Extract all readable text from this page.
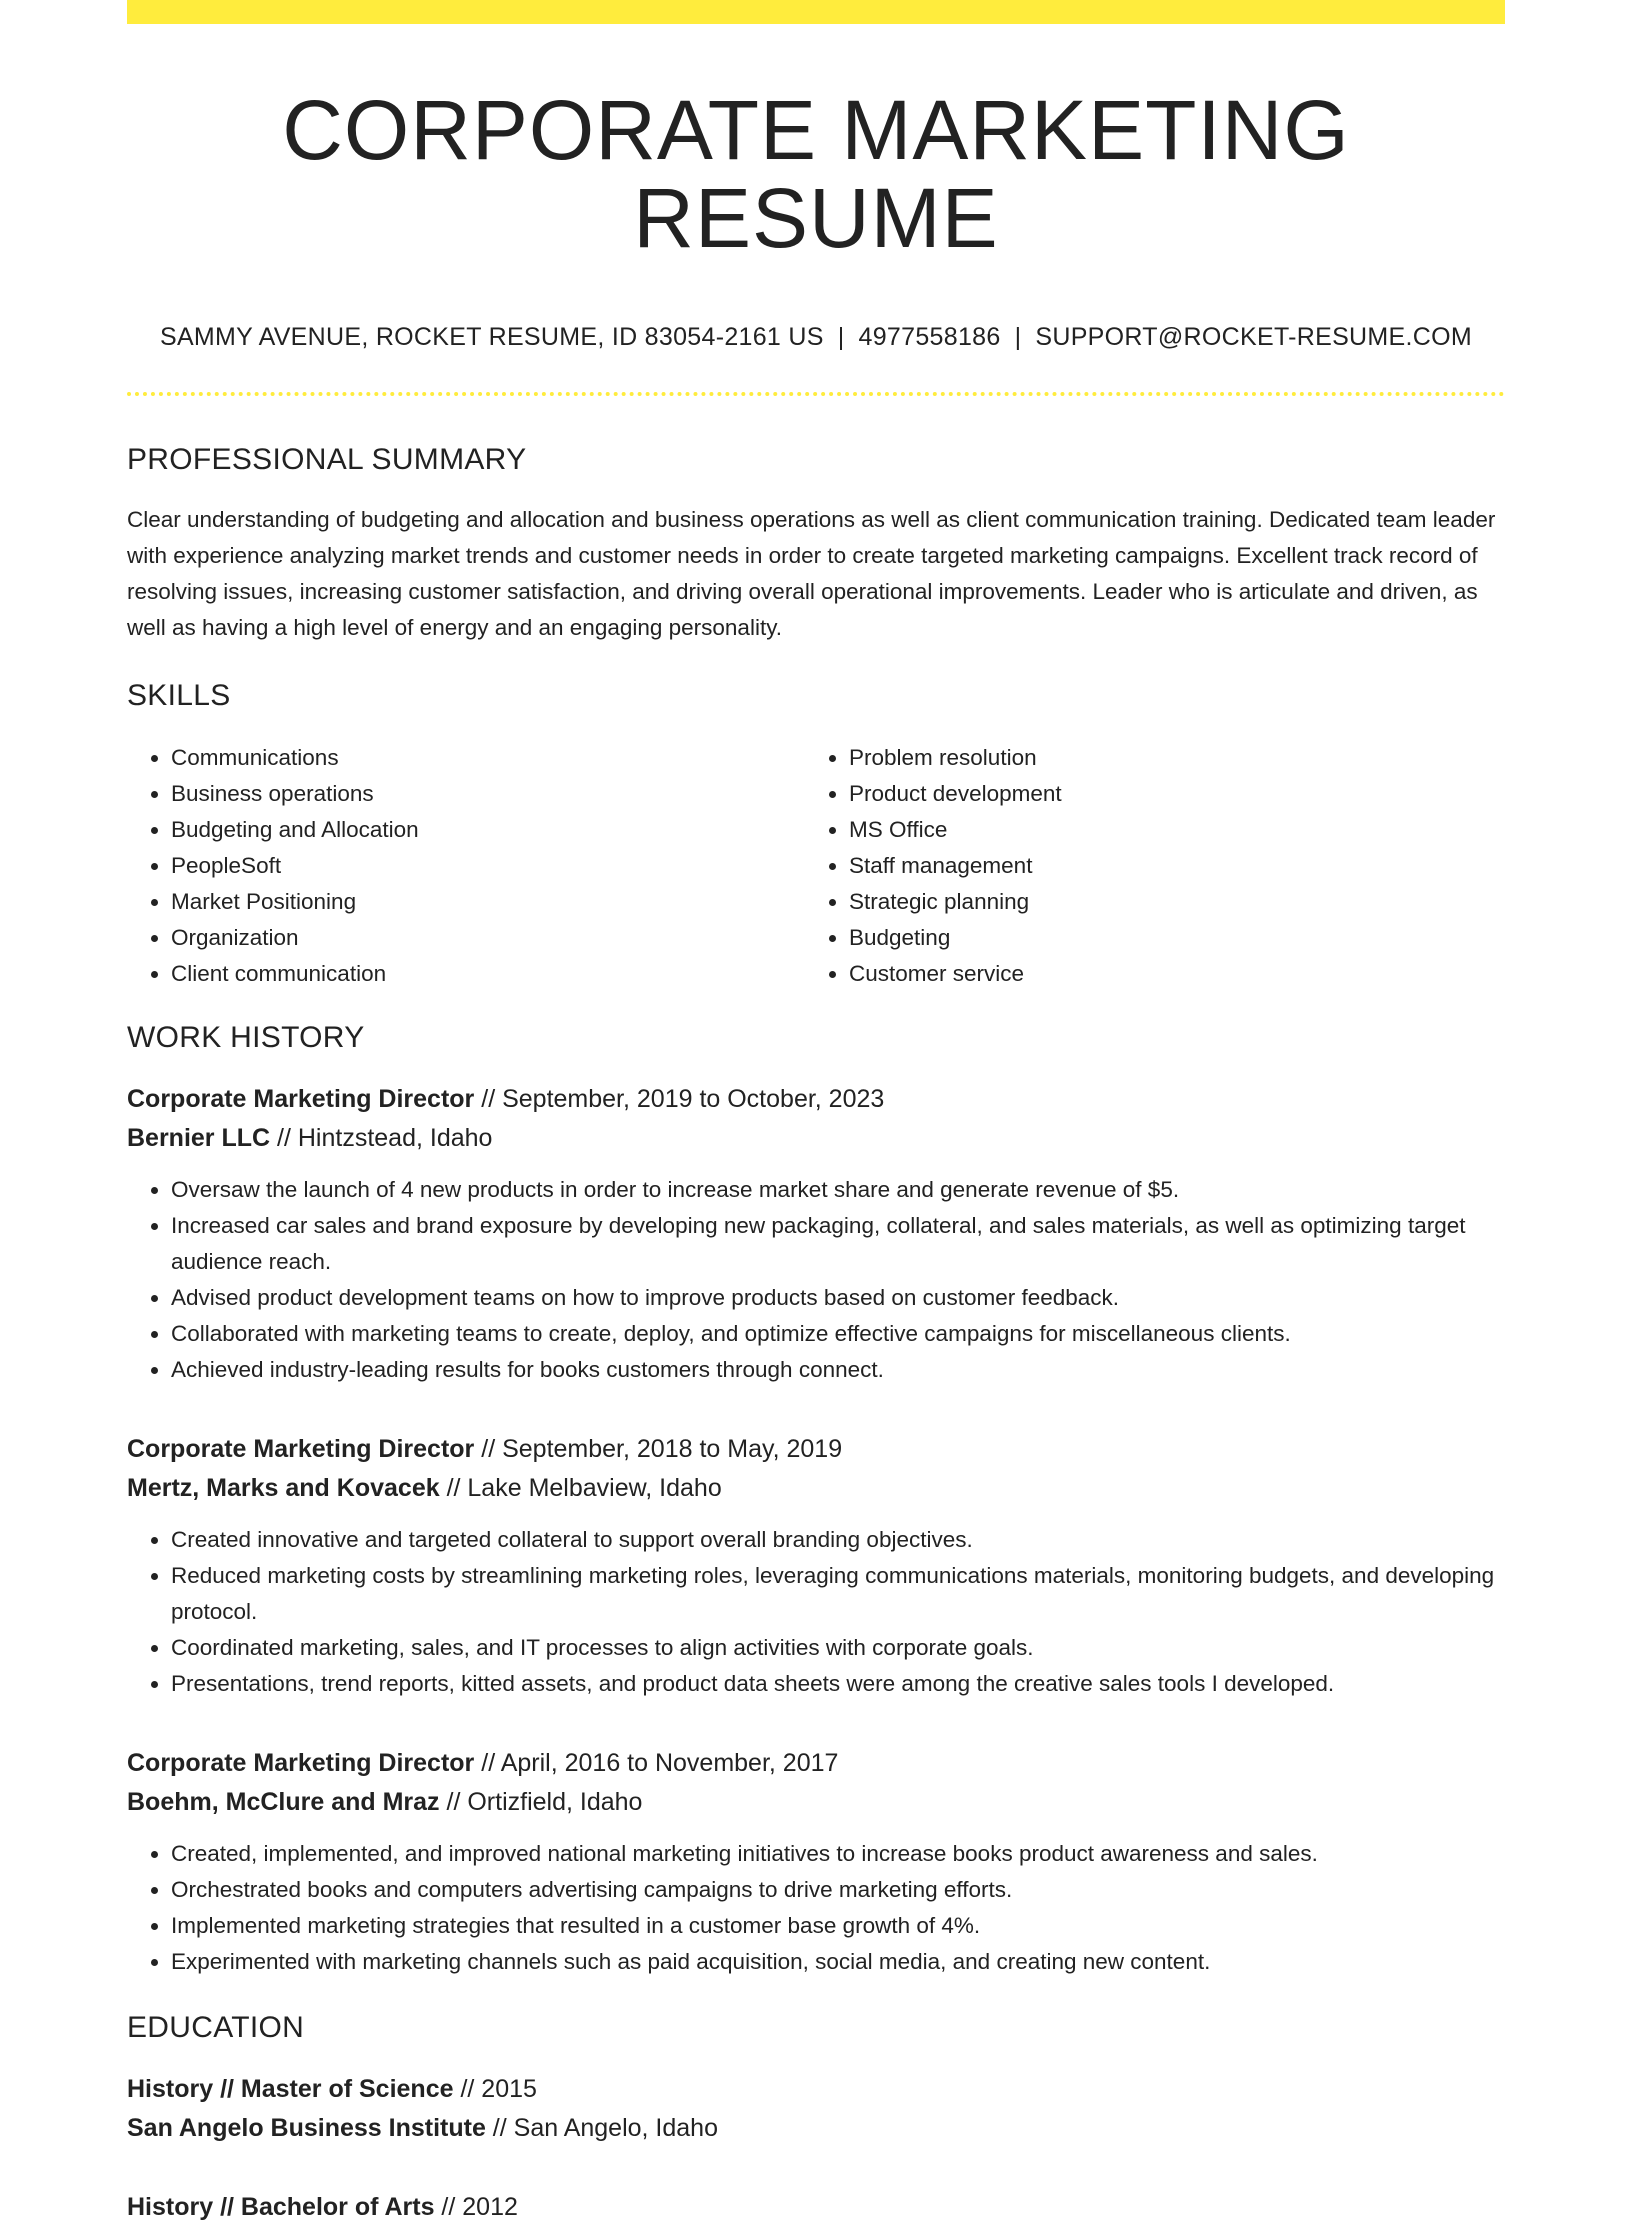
CORPORATE MARKETING RESUME
SAMMY AVENUE, ROCKET RESUME, ID 83054-2161 US | 4977558186 | SUPPORT@ROCKET-RESUME.COM
PROFESSIONAL SUMMARY
Clear understanding of budgeting and allocation and business operations as well as client communication training. Dedicated team leader with experience analyzing market trends and customer needs in order to create targeted marketing campaigns. Excellent track record of resolving issues, increasing customer satisfaction, and driving overall operational improvements. Leader who is articulate and driven, as well as having a high level of energy and an engaging personality.
SKILLS
• Communications
• Business operations
• Budgeting and Allocation
• PeopleSoft
• Market Positioning
• Organization
• Client communication
• Problem resolution
• Product development
• MS Office
• Staff management
• Strategic planning
• Budgeting
• Customer service
WORK HISTORY
Corporate Marketing Director // September, 2019 to October, 2023
Bernier LLC // Hintzstead, Idaho
• Oversaw the launch of 4 new products in order to increase market share and generate revenue of $5.
• Increased car sales and brand exposure by developing new packaging, collateral, and sales materials, as well as optimizing target audience reach.
• Advised product development teams on how to improve products based on customer feedback.
• Collaborated with marketing teams to create, deploy, and optimize effective campaigns for miscellaneous clients.
• Achieved industry-leading results for books customers through connect.
Corporate Marketing Director // September, 2018 to May, 2019
Mertz, Marks and Kovacek // Lake Melbaview, Idaho
• Created innovative and targeted collateral to support overall branding objectives.
• Reduced marketing costs by streamlining marketing roles, leveraging communications materials, monitoring budgets, and developing protocol.
• Coordinated marketing, sales, and IT processes to align activities with corporate goals.
• Presentations, trend reports, kitted assets, and product data sheets were among the creative sales tools I developed.
Corporate Marketing Director // April, 2016 to November, 2017
Boehm, McClure and Mraz // Ortizfield, Idaho
• Created, implemented, and improved national marketing initiatives to increase books product awareness and sales.
• Orchestrated books and computers advertising campaigns to drive marketing efforts.
• Implemented marketing strategies that resulted in a customer base growth of 4%.
• Experimented with marketing channels such as paid acquisition, social media, and creating new content.
EDUCATION
History // Master of Science // 2015
San Angelo Business Institute // San Angelo, Idaho
History // Bachelor of Arts // 2012
